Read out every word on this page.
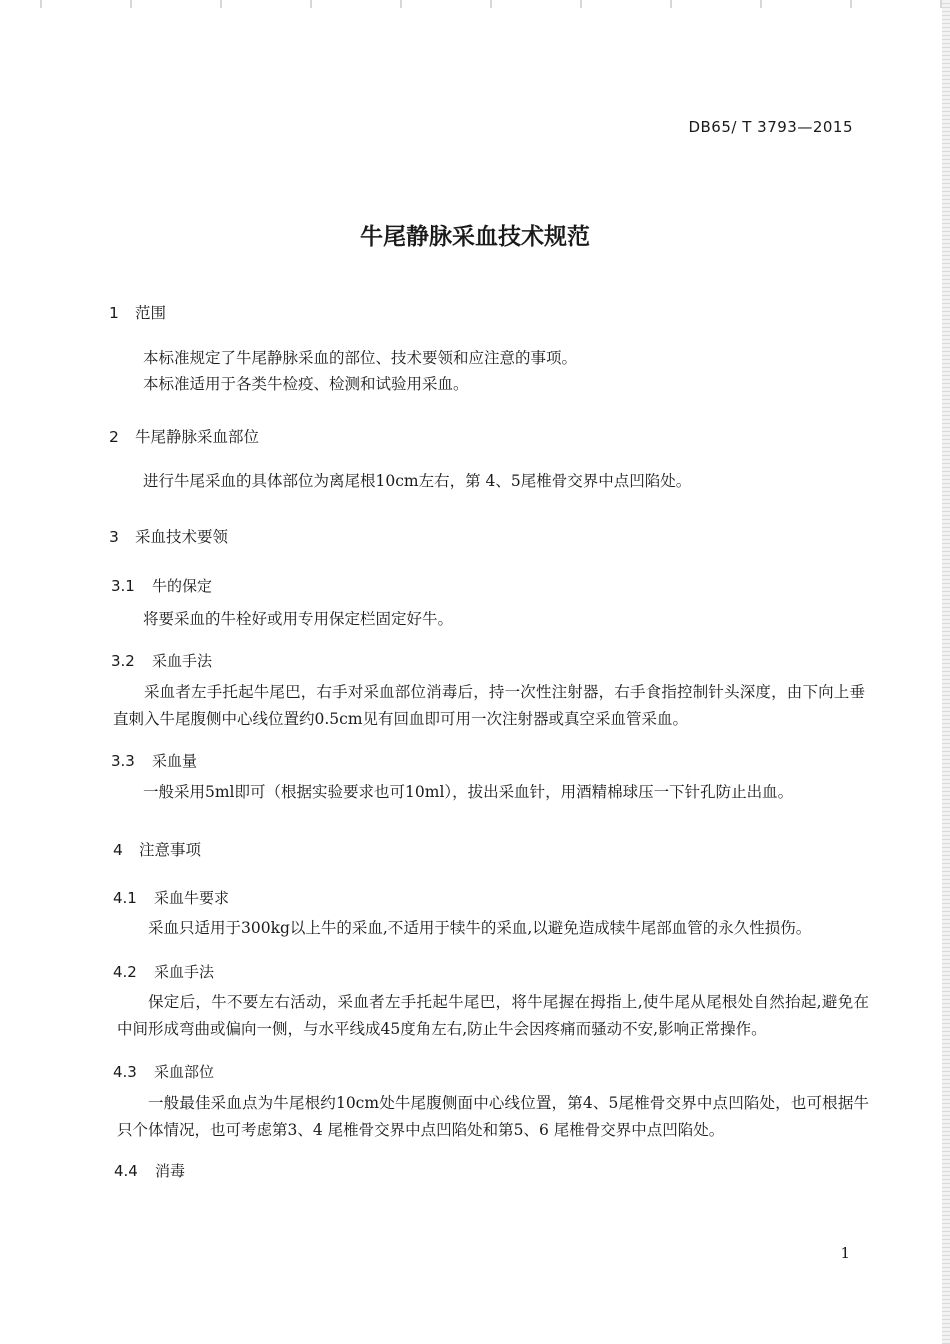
DB65/ T 3793—2015
牛尾静脉采血技术规范
1 范围
本标准规定了牛尾静脉采血的部位、技术要领和应注意的事项。
本标准适用于各类牛检疫、检测和试验用采血。
2 牛尾静脉采血部位
进行牛尾采血的具体部位为离尾根10cm左右，第 4、5尾椎骨交界中点凹陷处。
3 采血技术要领
3.1 牛的保定
将要采血的牛栓好或用专用保定栏固定好牛。
3.2 采血手法
采血者左手托起牛尾巴，右手对采血部位消毒后，持一次性注射器，右手食指控制针头深度，由下向上垂直刺入牛尾腹侧中心线位置约0.5cm见有回血即可用一次注射器或真空采血管采血。
3.3 采血量
一般采用5ml即可（根据实验要求也可10ml），拔出采血针，用酒精棉球压一下针孔防止出血。
4 注意事项
4.1 采血牛要求
采血只适用于300kg以上牛的采血,不适用于犊牛的采血,以避免造成犊牛尾部血管的永久性损伤。
4.2 采血手法
保定后，牛不要左右活动，采血者左手托起牛尾巴，将牛尾握在拇指上,使牛尾从尾根处自然抬起,避免在中间形成弯曲或偏向一侧，与水平线成45度角左右,防止牛会因疼痛而骚动不安,影响正常操作。
4.3 采血部位
一般最佳采血点为牛尾根约10cm处牛尾腹侧面中心线位置，第4、5尾椎骨交界中点凹陷处，也可根据牛只个体情况，也可考虑第3、4 尾椎骨交界中点凹陷处和第5、6 尾椎骨交界中点凹陷处。
4.4 消毒
1
